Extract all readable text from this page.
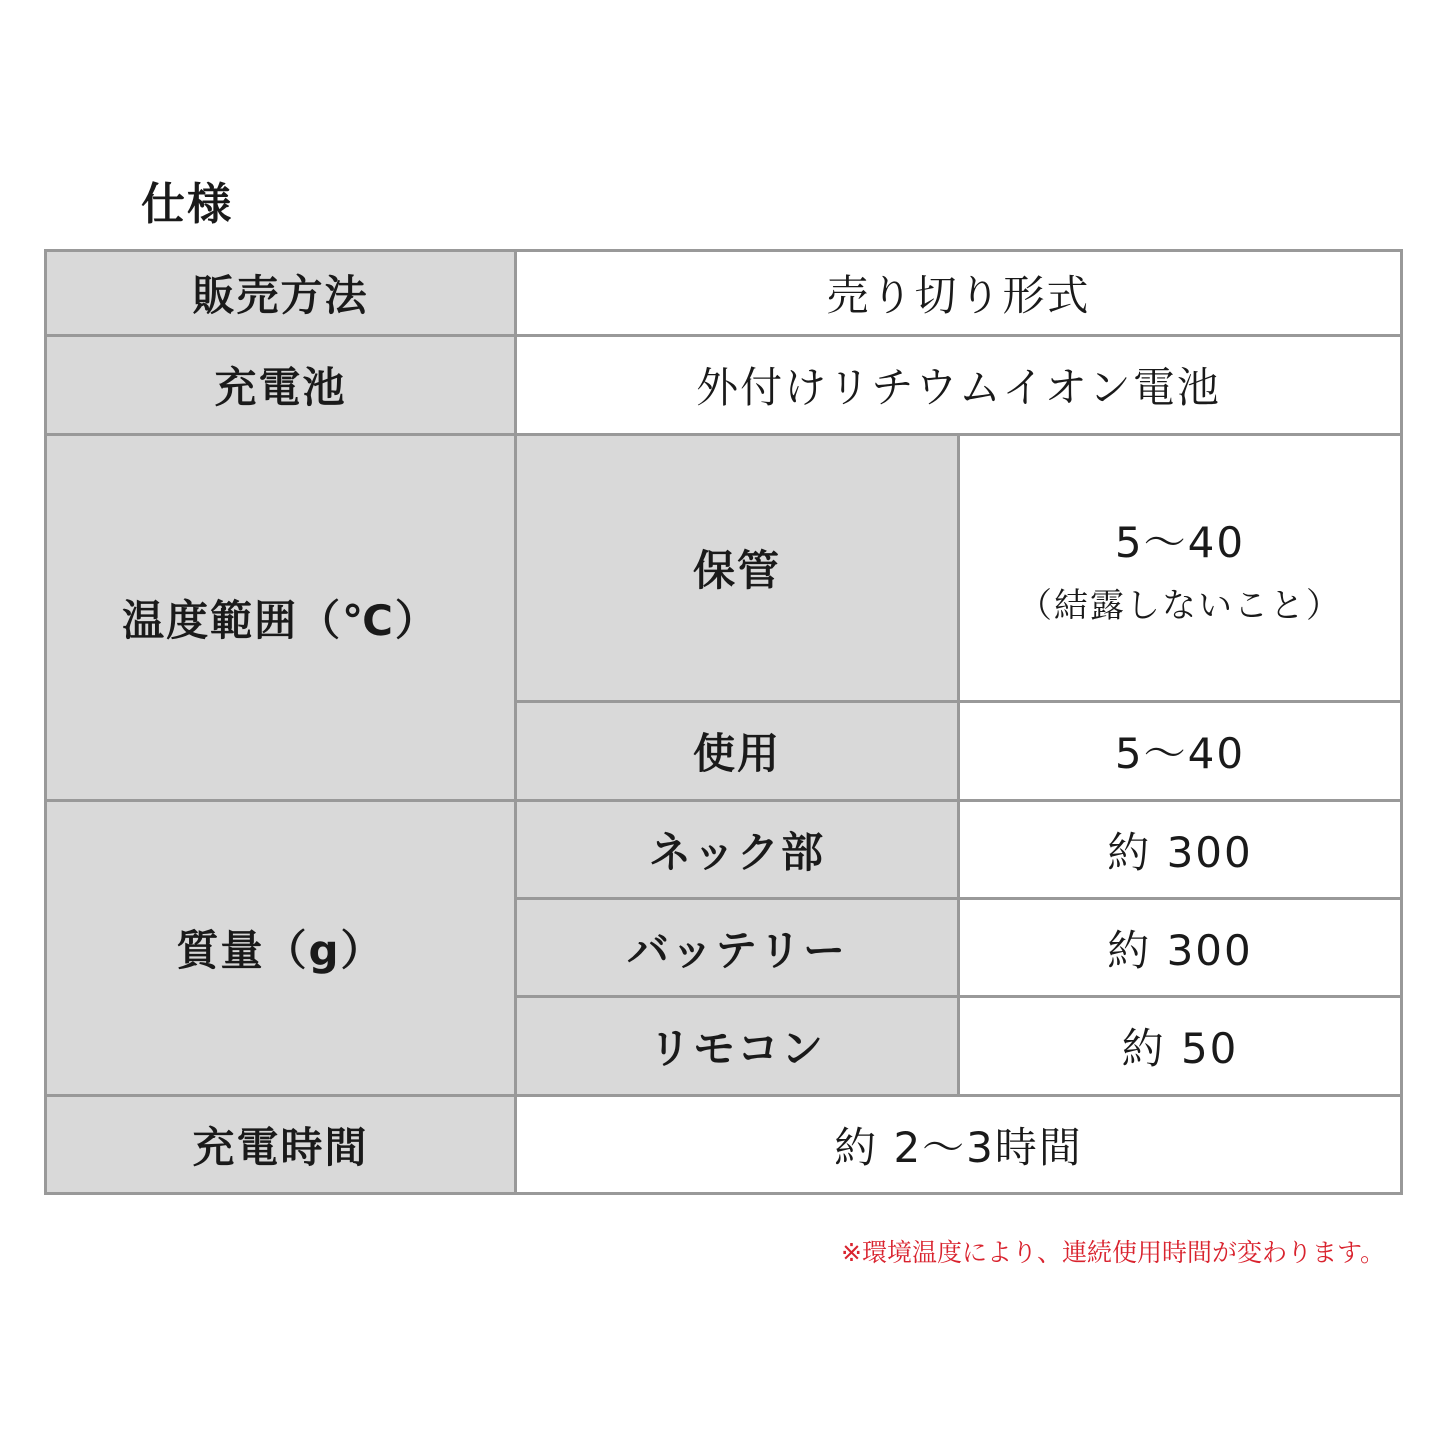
仕様
販売方法	売り切り形式	
充電池	外付けリチウムイオン電池	
温度範囲（℃）	保管	5～40
（結露しないこと）

	使用	5～40
質量（g）	ネック部	約 300
	バッテリー	約 300
	リモコン	約 50
充電時間	約 2～3時間	
※環境温度により、連続使用時間が変わります。
